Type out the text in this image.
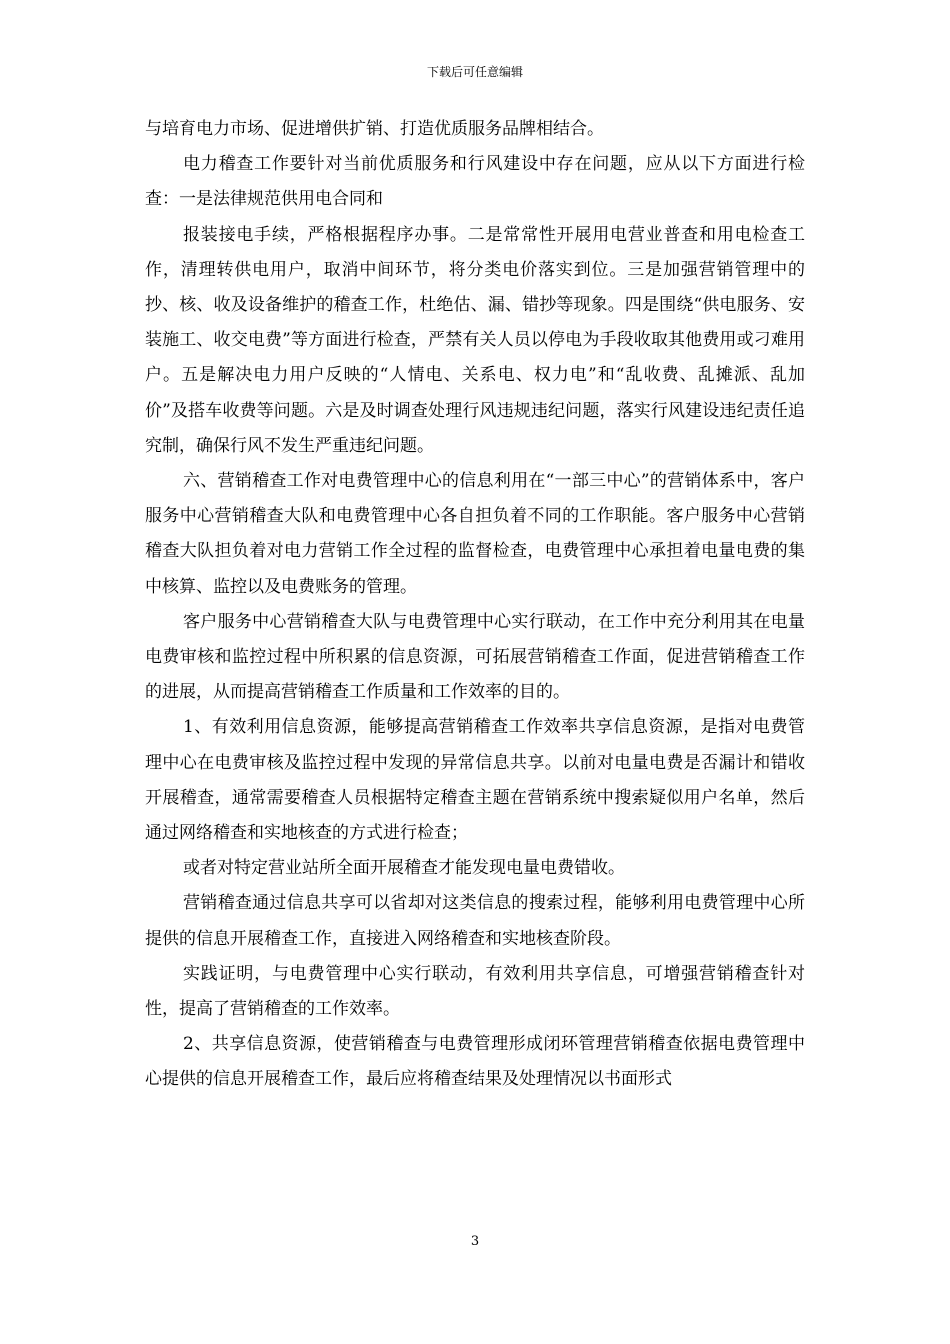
下载后可任意编辑

与培育电力市场、促进增供扩销、打造优质服务品牌相结合。

电力稽查工作要针对当前优质服务和行风建设中存在问题，应从以下方面进行检查：一是法律规范供用电合同和

报装接电手续，严格根据程序办事。二是常常性开展用电营业普查和用电检查工作，清理转供电用户，取消中间环节，将分类电价落实到位。三是加强营销管理中的抄、核、收及设备维护的稽查工作，杜绝估、漏、错抄等现象。四是围绕“供电服务、安装施工、收交电费”等方面进行检查，严禁有关人员以停电为手段收取其他费用或刁难用户。五是解决电力用户反映的“人情电、关系电、权力电”和“乱收费、乱摊派、乱加价”及搭车收费等问题。六是及时调查处理行风违规违纪问题，落实行风建设违纪责任追究制，确保行风不发生严重违纪问题。

六、营销稽查工作对电费管理中心的信息利用在“一部三中心”的营销体系中，客户服务中心营销稽查大队和电费管理中心各自担负着不同的工作职能。客户服务中心营销稽查大队担负着对电力营销工作全过程的监督检查，电费管理中心承担着电量电费的集中核算、监控以及电费账务的管理。

客户服务中心营销稽查大队与电费管理中心实行联动，在工作中充分利用其在电量电费审核和监控过程中所积累的信息资源，可拓展营销稽查工作面，促进营销稽查工作的进展，从而提高营销稽查工作质量和工作效率的目的。

1、有效利用信息资源，能够提高营销稽查工作效率共享信息资源，是指对电费管理中心在电费审核及监控过程中发现的异常信息共享。以前对电量电费是否漏计和错收开展稽查，通常需要稽查人员根据特定稽查主题在营销系统中搜索疑似用户名单，然后通过网络稽查和实地核查的方式进行检查；

或者对特定营业站所全面开展稽查才能发现电量电费错收。

营销稽查通过信息共享可以省却对这类信息的搜索过程，能够利用电费管理中心所提供的信息开展稽查工作，直接进入网络稽查和实地核查阶段。

实践证明，与电费管理中心实行联动，有效利用共享信息，可增强营销稽查针对性，提高了营销稽查的工作效率。

2、共享信息资源，使营销稽查与电费管理形成闭环管理营销稽查依据电费管理中心提供的信息开展稽查工作，最后应将稽查结果及处理情况以书面形式

3
